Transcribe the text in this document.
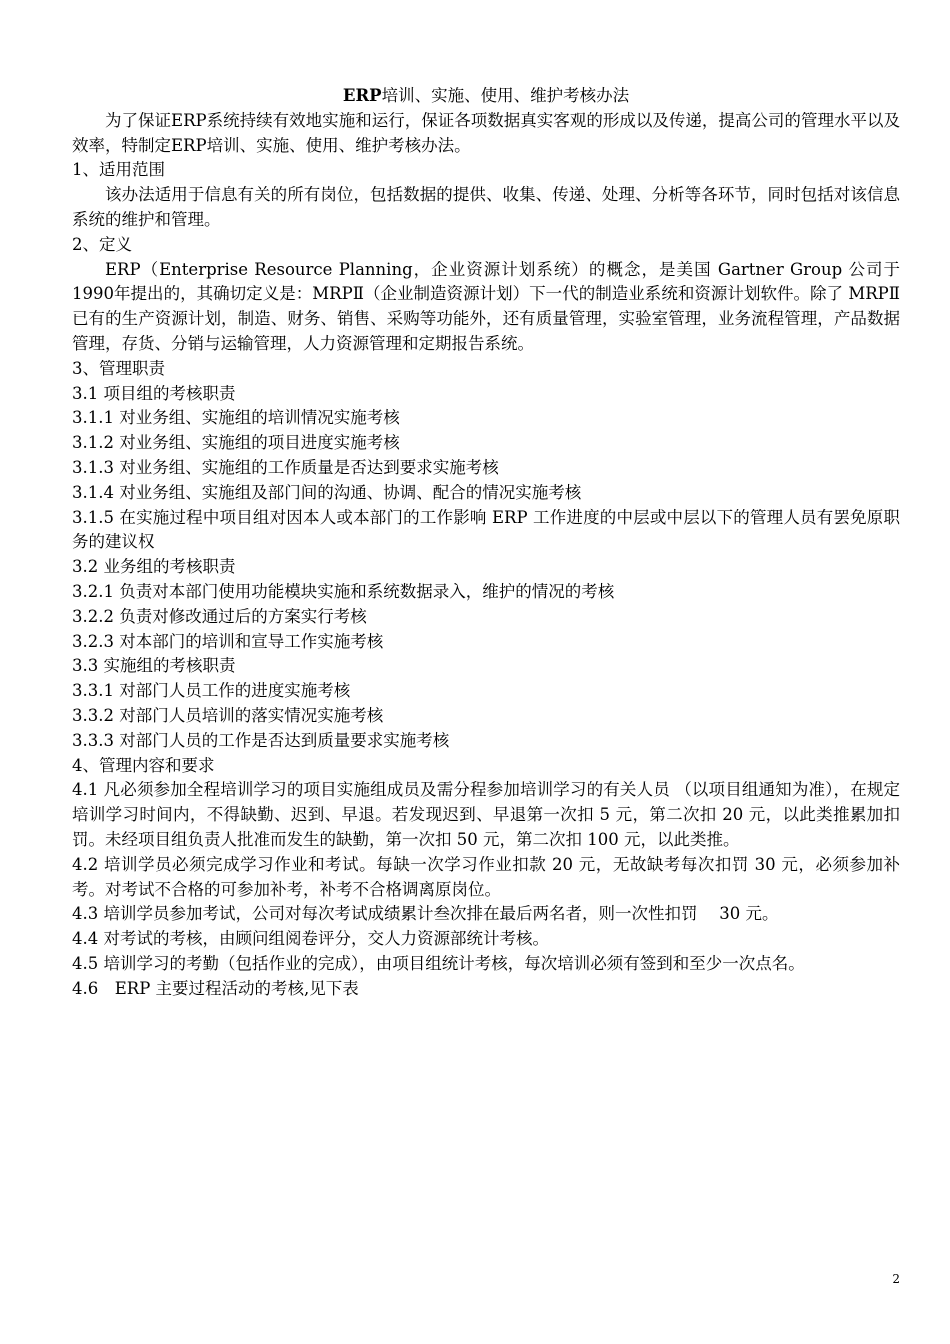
ERP培训、实施、使用、维护考核办法

为了保证ERP系统持续有效地实施和运行，保证各项数据真实客观的形成以及传递，提高公司的管理水平以及效率，特制定ERP培训、实施、使用、维护考核办法。

1、适用范围

该办法适用于信息有关的所有岗位，包括数据的提供、收集、传递、处理、分析等各环节，同时包括对该信息系统的维护和管理。

2、定义

ERP（Enterprise Resource Planning，企业资源计划系统）的概念，是美国 Gartner Group 公司于1990年提出的，其确切定义是：MRPⅡ（企业制造资源计划）下一代的制造业系统和资源计划软件。除了 MRPⅡ已有的生产资源计划，制造、财务、销售、采购等功能外，还有质量管理，实验室管理，业务流程管理，产品数据管理，存货、分销与运输管理，人力资源管理和定期报告系统。

3、管理职责

3.1 项目组的考核职责

3.1.1 对业务组、实施组的培训情况实施考核

3.1.2 对业务组、实施组的项目进度实施考核

3.1.3 对业务组、实施组的工作质量是否达到要求实施考核

3.1.4 对业务组、实施组及部门间的沟通、协调、配合的情况实施考核

3.1.5 在实施过程中项目组对因本人或本部门的工作影响 ERP 工作进度的中层或中层以下的管理人员有罢免原职务的建议权

3.2 业务组的考核职责

3.2.1 负责对本部门使用功能模块实施和系统数据录入，维护的情况的考核

3.2.2 负责对修改通过后的方案实行考核

3.2.3 对本部门的培训和宣导工作实施考核

3.3 实施组的考核职责

3.3.1 对部门人员工作的进度实施考核

3.3.2 对部门人员培训的落实情况实施考核

3.3.3 对部门人员的工作是否达到质量要求实施考核

4、管理内容和要求

4.1 凡必须参加全程培训学习的项目实施组成员及需分程参加培训学习的有关人员 （以项目组通知为准），在规定培训学习时间内，不得缺勤、迟到、早退。若发现迟到、早退第一次扣 5 元，第二次扣 20 元，以此类推累加扣罚。未经项目组负责人批准而发生的缺勤，第一次扣 50 元，第二次扣 100 元，以此类推。

4.2 培训学员必须完成学习作业和考试。每缺一次学习作业扣款 20 元，无故缺考每次扣罚 30 元，必须参加补考。对考试不合格的可参加补考，补考不合格调离原岗位。

4.3 培训学员参加考试，公司对每次考试成绩累计叁次排在最后两名者，则一次性扣罚　 30 元。

4.4 对考试的考核，由顾问组阅卷评分，交人力资源部统计考核。

4.5 培训学习的考勤（包括作业的完成），由项目组统计考核，每次培训必须有签到和至少一次点名。

4.6　ERP 主要过程活动的考核,见下表

2
